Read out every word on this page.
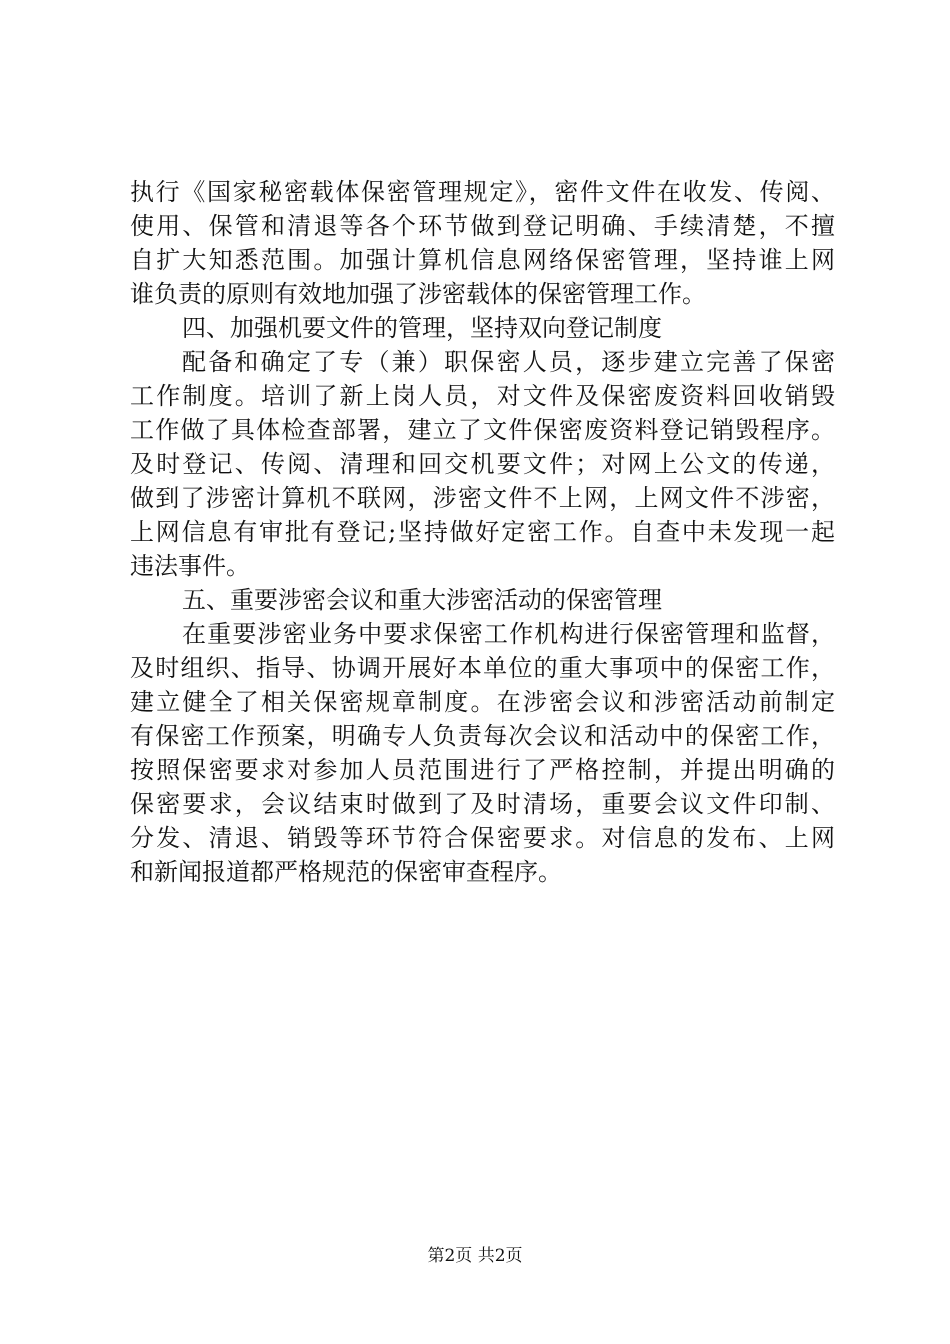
执行《国家秘密载体保密管理规定》，密件文件在收发、传阅、
使用、保管和清退等各个环节做到登记明确、手续清楚，不擅
自扩大知悉范围。加强计算机信息网络保密管理，坚持谁上网
谁负责的原则有效地加强了涉密载体的保密管理工作。
四、加强机要文件的管理，坚持双向登记制度
配备和确定了专（兼）职保密人员，逐步建立完善了保密
工作制度。培训了新上岗人员，对文件及保密废资料回收销毁
工作做了具体检查部署，建立了文件保密废资料登记销毁程序。
及时登记、传阅、清理和回交机要文件；对网上公文的传递，
做到了涉密计算机不联网，涉密文件不上网，上网文件不涉密，
上网信息有审批有登记;坚持做好定密工作。自查中未发现一起
违法事件。
五、重要涉密会议和重大涉密活动的保密管理
在重要涉密业务中要求保密工作机构进行保密管理和监督，
及时组织、指导、协调开展好本单位的重大事项中的保密工作，
建立健全了相关保密规章制度。在涉密会议和涉密活动前制定
有保密工作预案，明确专人负责每次会议和活动中的保密工作，
按照保密要求对参加人员范围进行了严格控制，并提出明确的
保密要求，会议结束时做到了及时清场，重要会议文件印制、
分发、清退、销毁等环节符合保密要求。对信息的发布、上网
和新闻报道都严格规范的保密审查程序。
第2页 共2页
